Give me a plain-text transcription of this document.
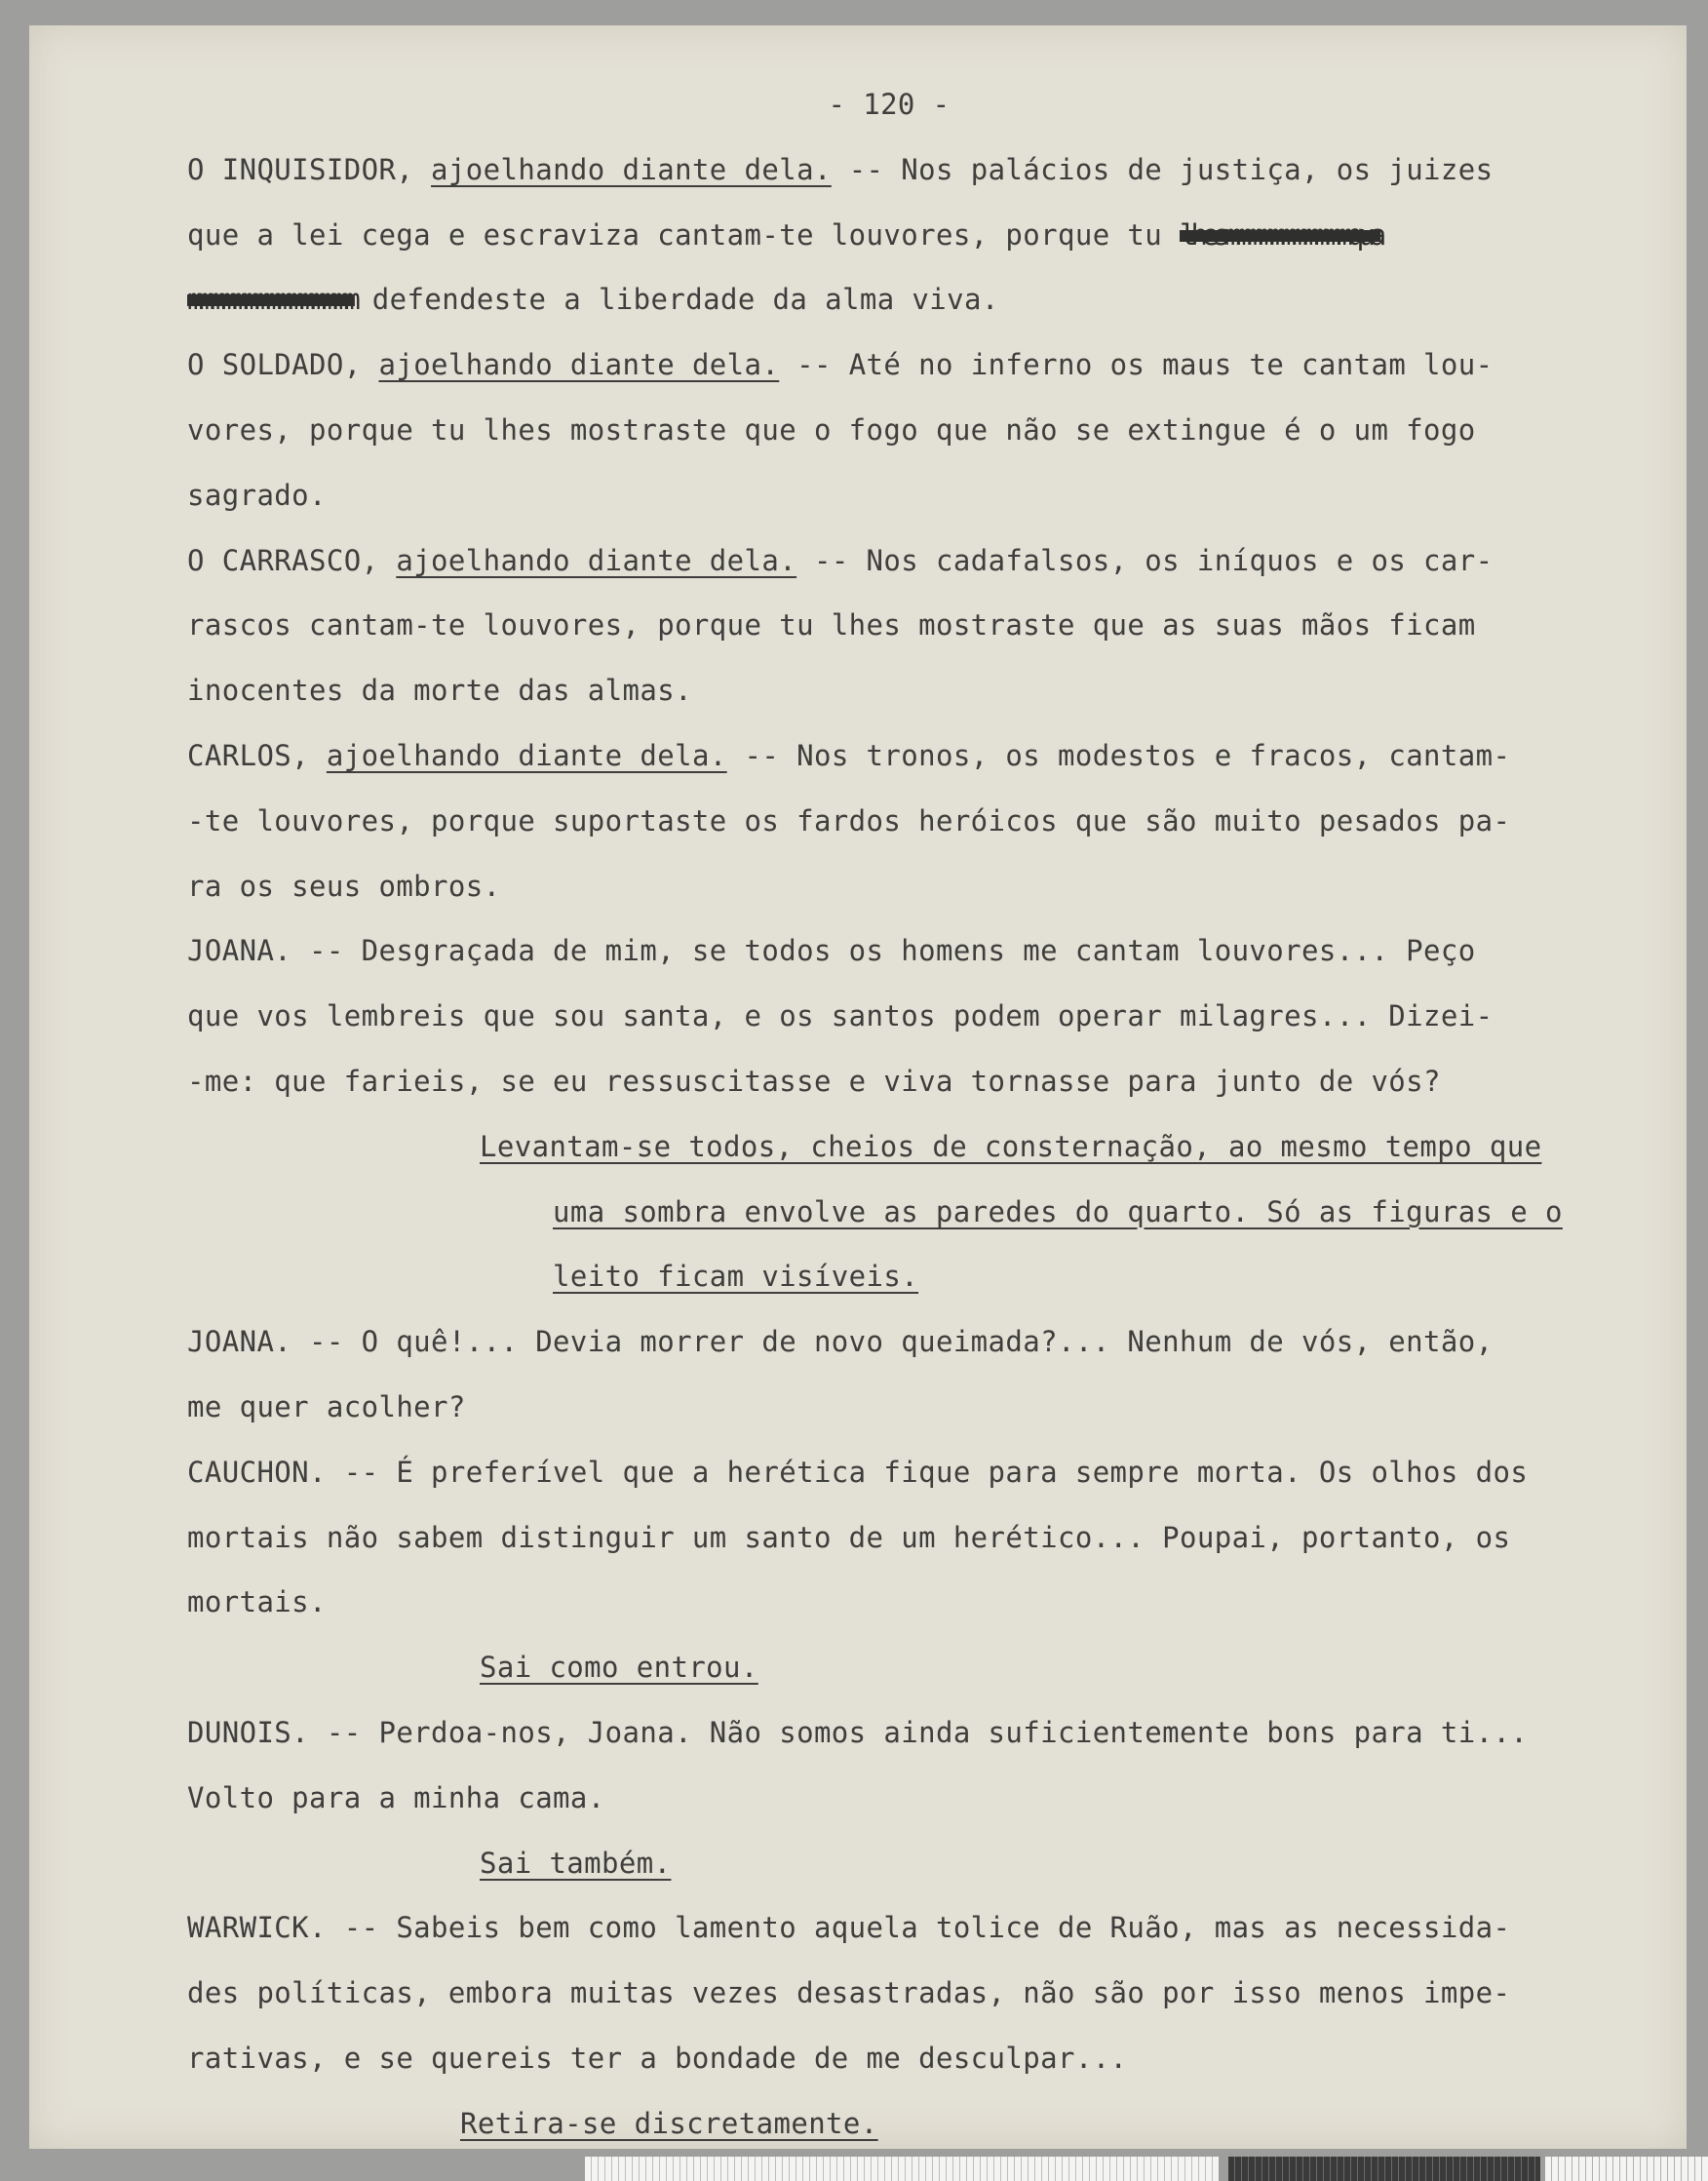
- 120 -
O INQUISIDOR, ajoelhando diante dela. -- Nos palácios de justiça, os juizes
que a lei cega e escraviza cantam-te louvores, porque tu lhesmmmmmmmmmmmqua
mmmmmmmmmmmmmmm defendeste a liberdade da alma viva.
O SOLDADO, ajoelhando diante dela. -- Até no inferno os maus te cantam lou-
vores, porque tu lhes mostraste que o fogo que não se extingue é o um fogo
sagrado.
O CARRASCO, ajoelhando diante dela. -- Nos cadafalsos, os iníquos e os car-
rascos cantam-te louvores, porque tu lhes mostraste que as suas mãos ficam
inocentes da morte das almas.
CARLOS, ajoelhando diante dela. -- Nos tronos, os modestos e fracos, cantam-
-te louvores, porque suportaste os fardos heróicos que são muito pesados pa-
ra os seus ombros.
JOANA. -- Desgraçada de mim, se todos os homens me cantam louvores... Peço
que vos lembreis que sou santa, e os santos podem operar milagres... Dizei-
-me: que farieis, se eu ressuscitasse e viva tornasse para junto de vós?
Levantam-se todos, cheios de consternação, ao mesmo tempo que
uma sombra envolve as paredes do quarto. Só as figuras e o
leito ficam visíveis.
JOANA. -- O quê!... Devia morrer de novo queimada?... Nenhum de vós, então,
me quer acolher?
CAUCHON. -- É preferível que a herética fique para sempre morta. Os olhos dos
mortais não sabem distinguir um santo de um herético... Poupai, portanto, os
mortais.
Sai como entrou.
DUNOIS. -- Perdoa-nos, Joana. Não somos ainda suficientemente bons para ti...
Volto para a minha cama.
Sai também.
WARWICK. -- Sabeis bem como lamento aquela tolice de Ruão, mas as necessida-
des políticas, embora muitas vezes desastradas, não são por isso menos impe-
rativas, e se quereis ter a bondade de me desculpar...
Retira-se discretamente.
